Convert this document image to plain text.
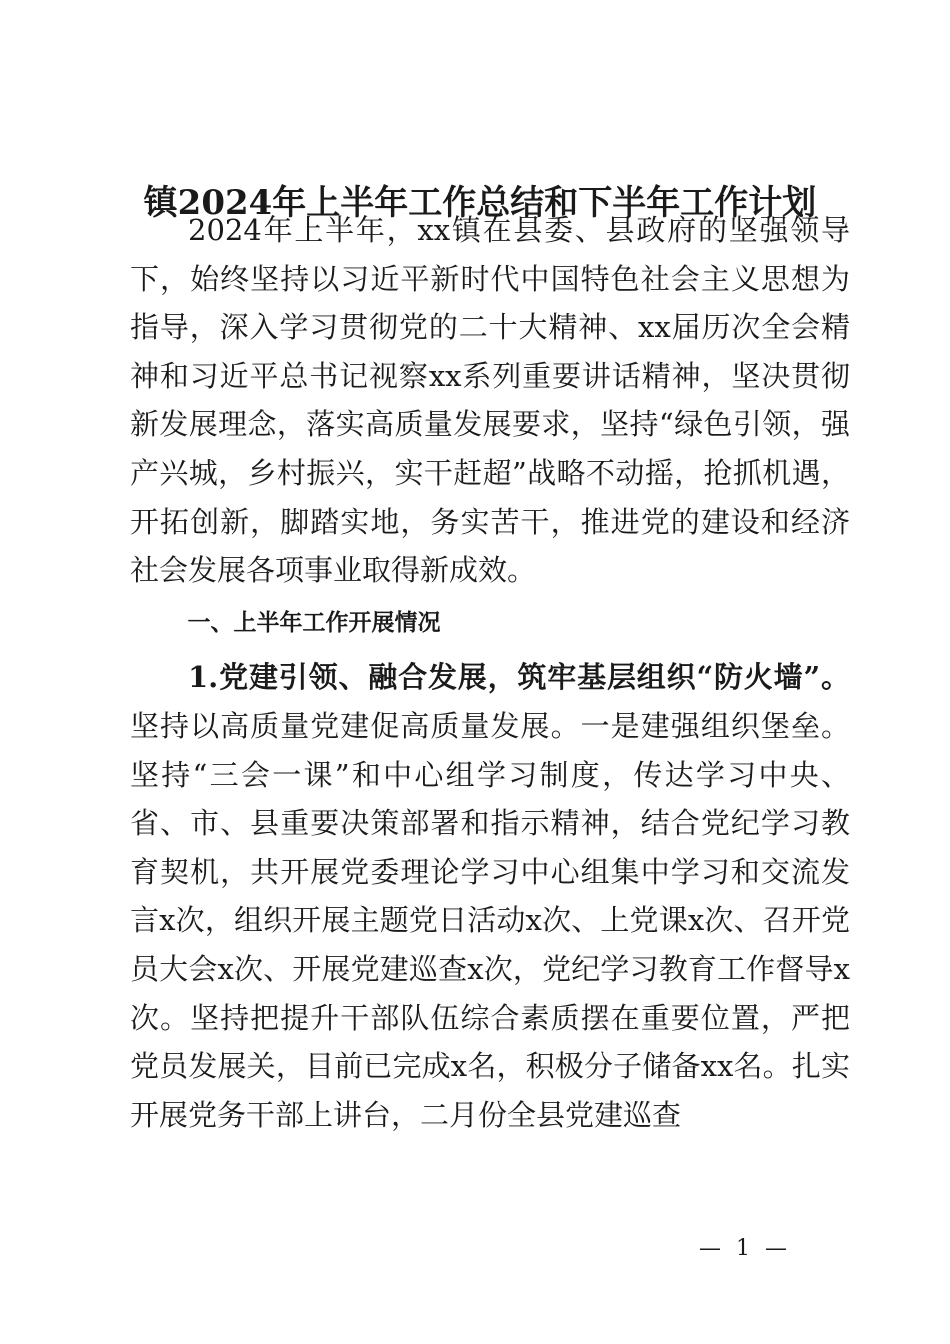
镇2024年上半年工作总结和下半年工作计划

2024年上半年，xx镇在县委、县政府的坚强领导下，始终坚持以习近平新时代中国特色社会主义思想为指导，深入学习贯彻党的二十大精神、xx届历次全会精神和习近平总书记视察xx系列重要讲话精神，坚决贯彻新发展理念，落实高质量发展要求，坚持“绿色引领，强产兴城，乡村振兴，实干赶超”战略不动摇，抢抓机遇，开拓创新，脚踏实地，务实苦干，推进党的建设和经济社会发展各项事业取得新成效。

一、上半年工作开展情况

1.党建引领、融合发展，筑牢基层组织“防火墙”。坚持以高质量党建促高质量发展。一是建强组织堡垒。坚持“三会一课”和中心组学习制度，传达学习中央、省、市、县重要决策部署和指示精神，结合党纪学习教育契机，共开展党委理论学习中心组集中学习和交流发言x次，组织开展主题党日活动x次、上党课x次、召开党员大会x次、开展党建巡查x次，党纪学习教育工作督导x次。坚持把提升干部队伍综合素质摆在重要位置，严把党员发展关，目前已完成x名，积极分子储备xx名。扎实开展党务干部上讲台，二月份全县党建巡查

— 1 —
